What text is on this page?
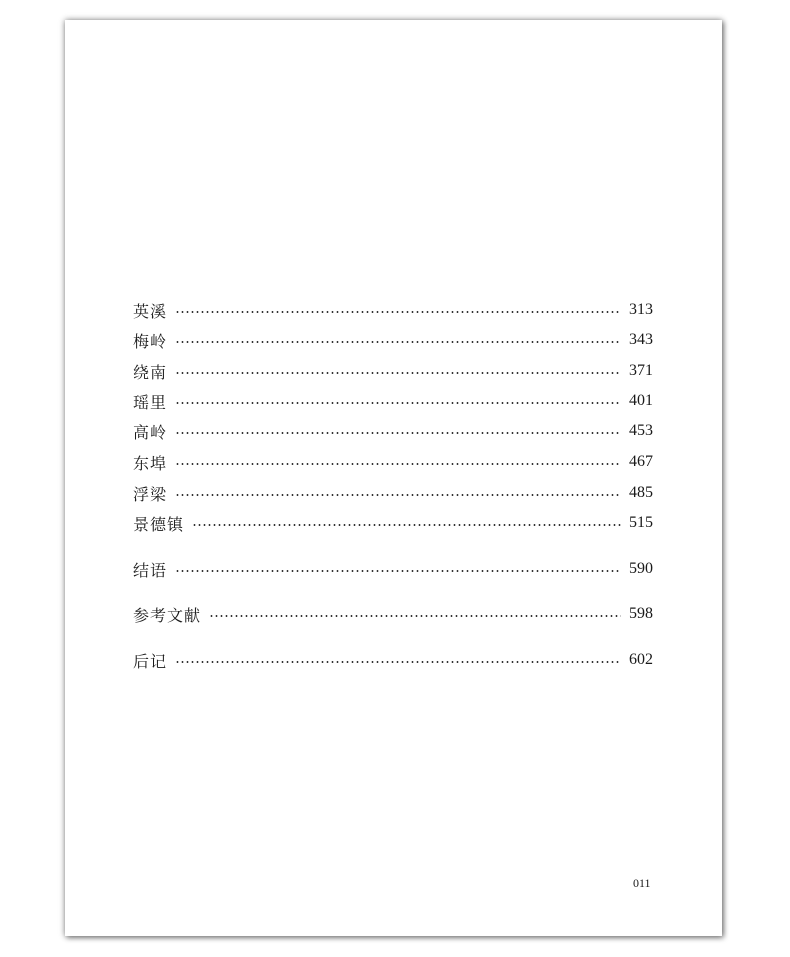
英溪	313
梅岭	343
绕南	371
瑶里	401
高岭	453
东埠	467
浮梁	485
景德镇	515
结语	590
参考文献	598
后记	602
011
